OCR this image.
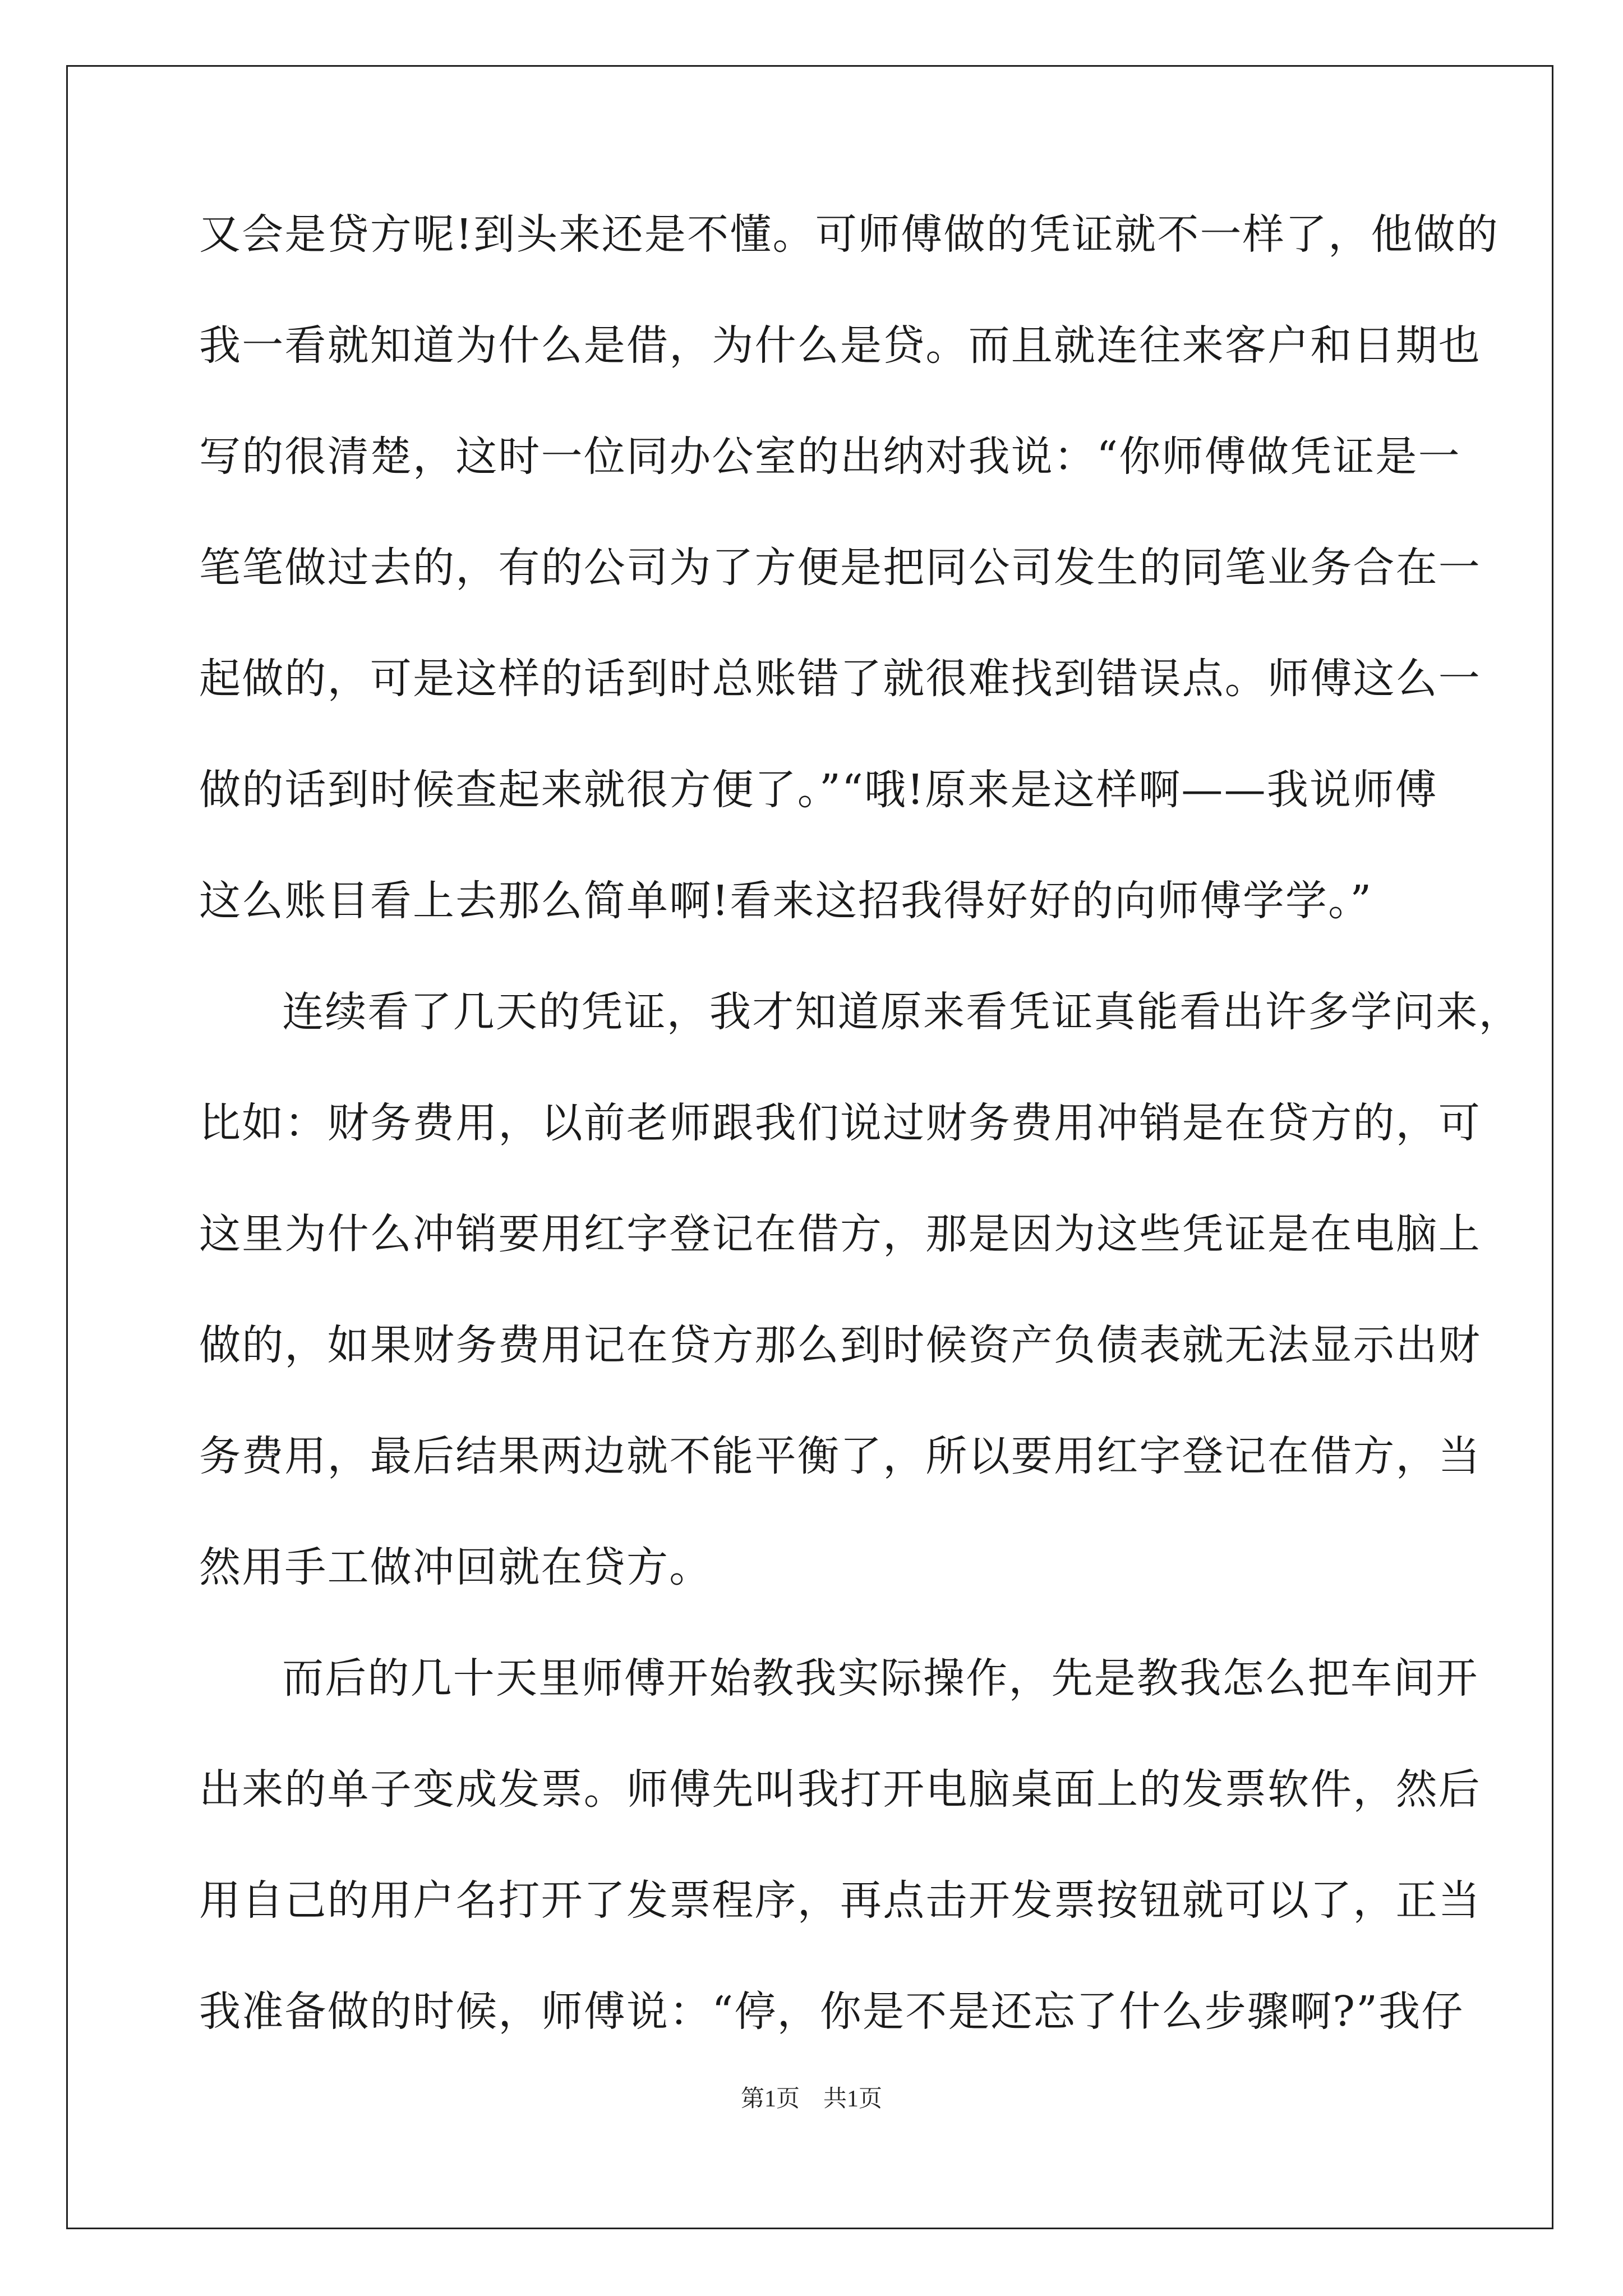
又会是贷方呢!到头来还是不懂。可师傅做的凭证就不一样了，他做的
我一看就知道为什么是借，为什么是贷。而且就连往来客户和日期也
写的很清楚，这时一位同办公室的出纳对我说：“你师傅做凭证是一
笔笔做过去的，有的公司为了方便是把同公司发生的同笔业务合在一
起做的，可是这样的话到时总账错了就很难找到错误点。师傅这么一
做的话到时候查起来就很方便了。”“哦!原来是这样啊——我说师傅
这么账目看上去那么简单啊!看来这招我得好好的向师傅学学。”
连续看了几天的凭证，我才知道原来看凭证真能看出许多学问来，
比如：财务费用，以前老师跟我们说过财务费用冲销是在贷方的，可
这里为什么冲销要用红字登记在借方，那是因为这些凭证是在电脑上
做的，如果财务费用记在贷方那么到时候资产负债表就无法显示出财
务费用，最后结果两边就不能平衡了，所以要用红字登记在借方，当
然用手工做冲回就在贷方。
而后的几十天里师傅开始教我实际操作，先是教我怎么把车间开
出来的单子变成发票。师傅先叫我打开电脑桌面上的发票软件，然后
用自己的用户名打开了发票程序，再点击开发票按钮就可以了，正当
我准备做的时候，师傅说：“停，你是不是还忘了什么步骤啊?”我仔
第1页　共1页
